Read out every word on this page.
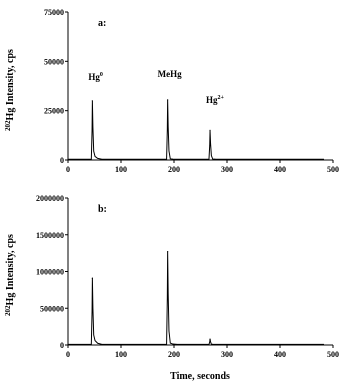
0	100	200	300	400	500
0
25000
50000
75000
a:
Hg$^0$	MeHg
$Hg^{2+}$
0	100	200	300	400	500
0
500000
1000000
1500000
2000000
b:
$^{202}$Hg Intensity, cps
$^{202}$Hg Intensity, cps
Time, seconds
